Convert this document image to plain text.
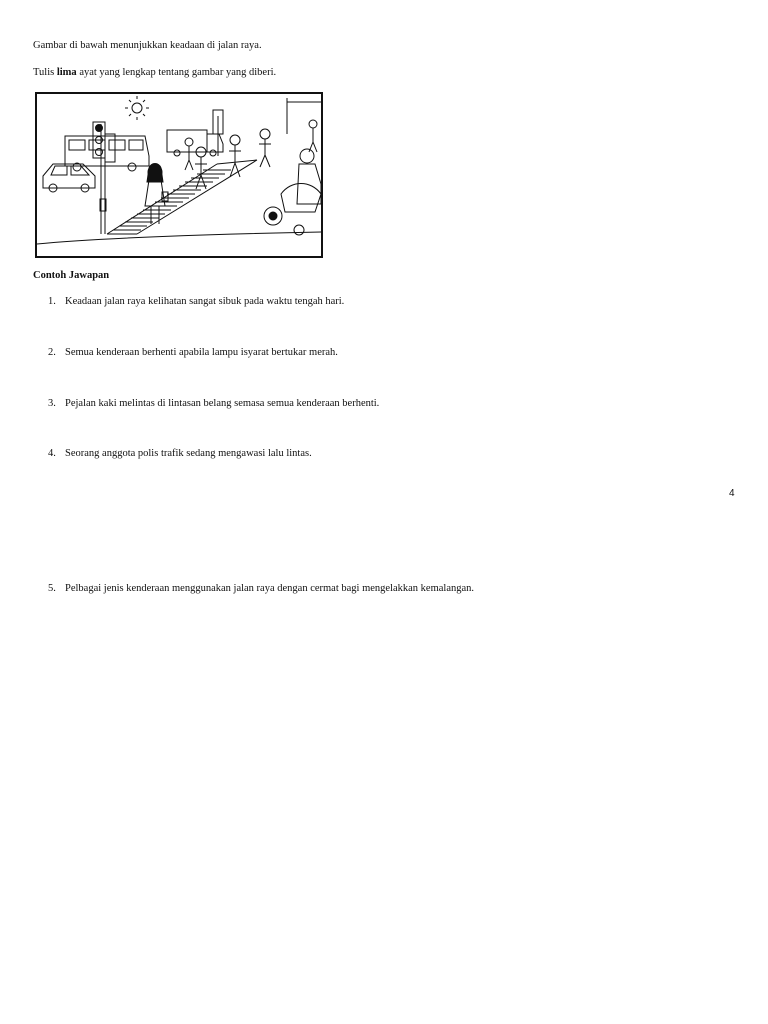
Gambar di bawah menunjukkan keadaan di jalan raya.
Tulis lima ayat yang lengkap tentang gambar yang diberi.
Contoh Jawapan
1. Keadaan jalan raya kelihatan sangat sibuk pada waktu tengah hari.
2. Semua kenderaan berhenti apabila lampu isyarat bertukar merah.
3. Pejalan kaki melintas di lintasan belang semasa semua kenderaan berhenti.
4. Seorang anggota polis trafik sedang mengawasi lalu lintas.
4
5. Pelbagai jenis kenderaan menggunakan jalan raya dengan cermat bagi mengelakkan kemalangan.
